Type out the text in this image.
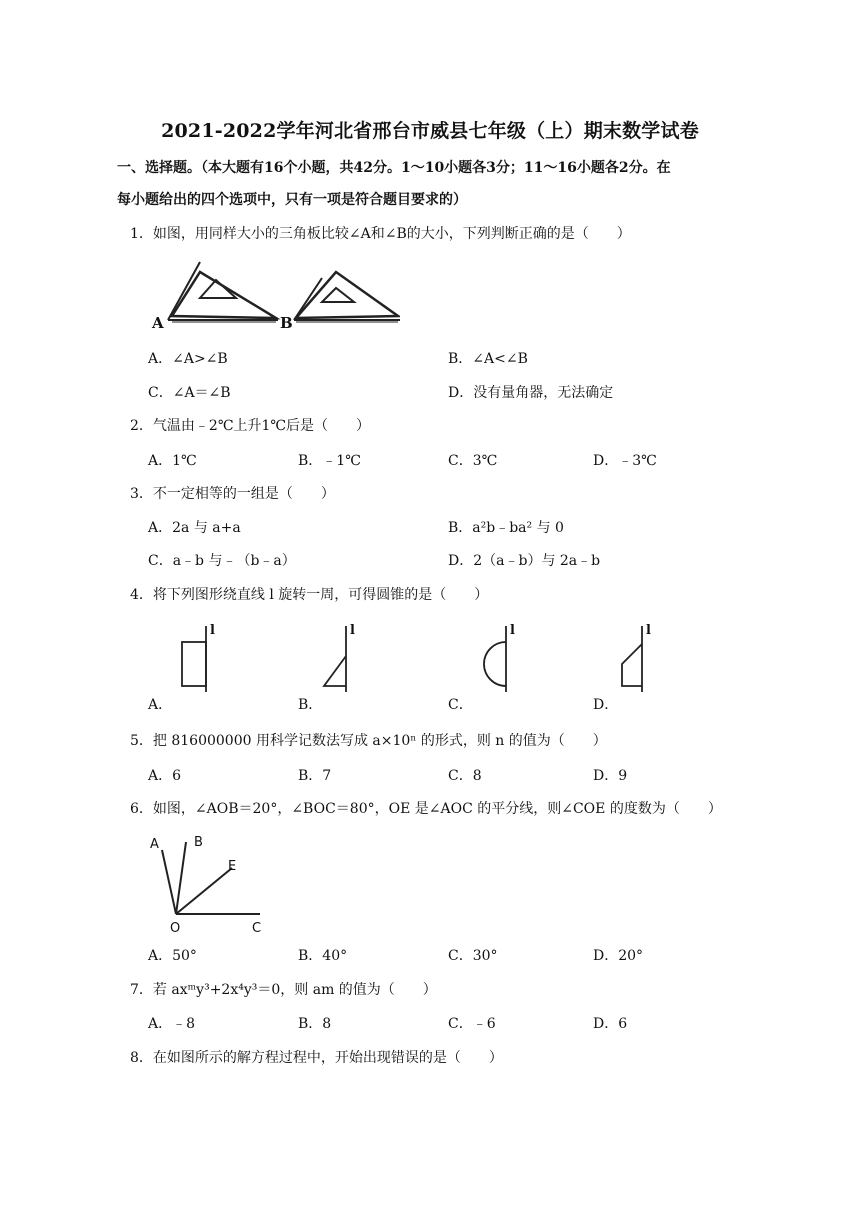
2021-2022学年河北省邢台市威县七年级（上）期末数学试卷
一、选择题。（本大题有16个小题，共42分。1～10小题各3分；11～16小题各2分。在
每小题给出的四个选项中，只有一项是符合题目要求的）
1．如图，用同样大小的三角板比较∠A和∠B的大小，下列判断正确的是（　　）
A	B
A．∠A>∠B	B．∠A<∠B
C．∠A＝∠B	D．没有量角器，无法确定
2．气温由﹣2℃上升1℃后是（　　）
A．1℃	B．﹣1℃	C．3℃	D．﹣3℃
3．不一定相等的一组是（　　）
A．2a 与 a+a	B．a²b﹣ba² 与 0
C．a﹣b 与﹣（b﹣a）	D．2（a﹣b）与 2a﹣b
4．将下列图形绕直线 l 旋转一周，可得圆锥的是（　　）
l	l	l	l
A．	B．	C．	D．
5．把 816000000 用科学记数法写成 a×10ⁿ 的形式，则 n 的值为（　　）
A．6	B．7	C．8	D．9
6．如图，∠AOB＝20°，∠BOC＝80°，OE 是∠AOC 的平分线，则∠COE 的度数为（　　）
A	B
E
O	C
A．50°	B．40°	C．30°	D．20°
7．若 axᵐy³+2x⁴y³＝0，则 am 的值为（　　）
A．﹣8	B．8	C．﹣6	D．6
8．在如图所示的解方程过程中，开始出现错误的是（　　）
